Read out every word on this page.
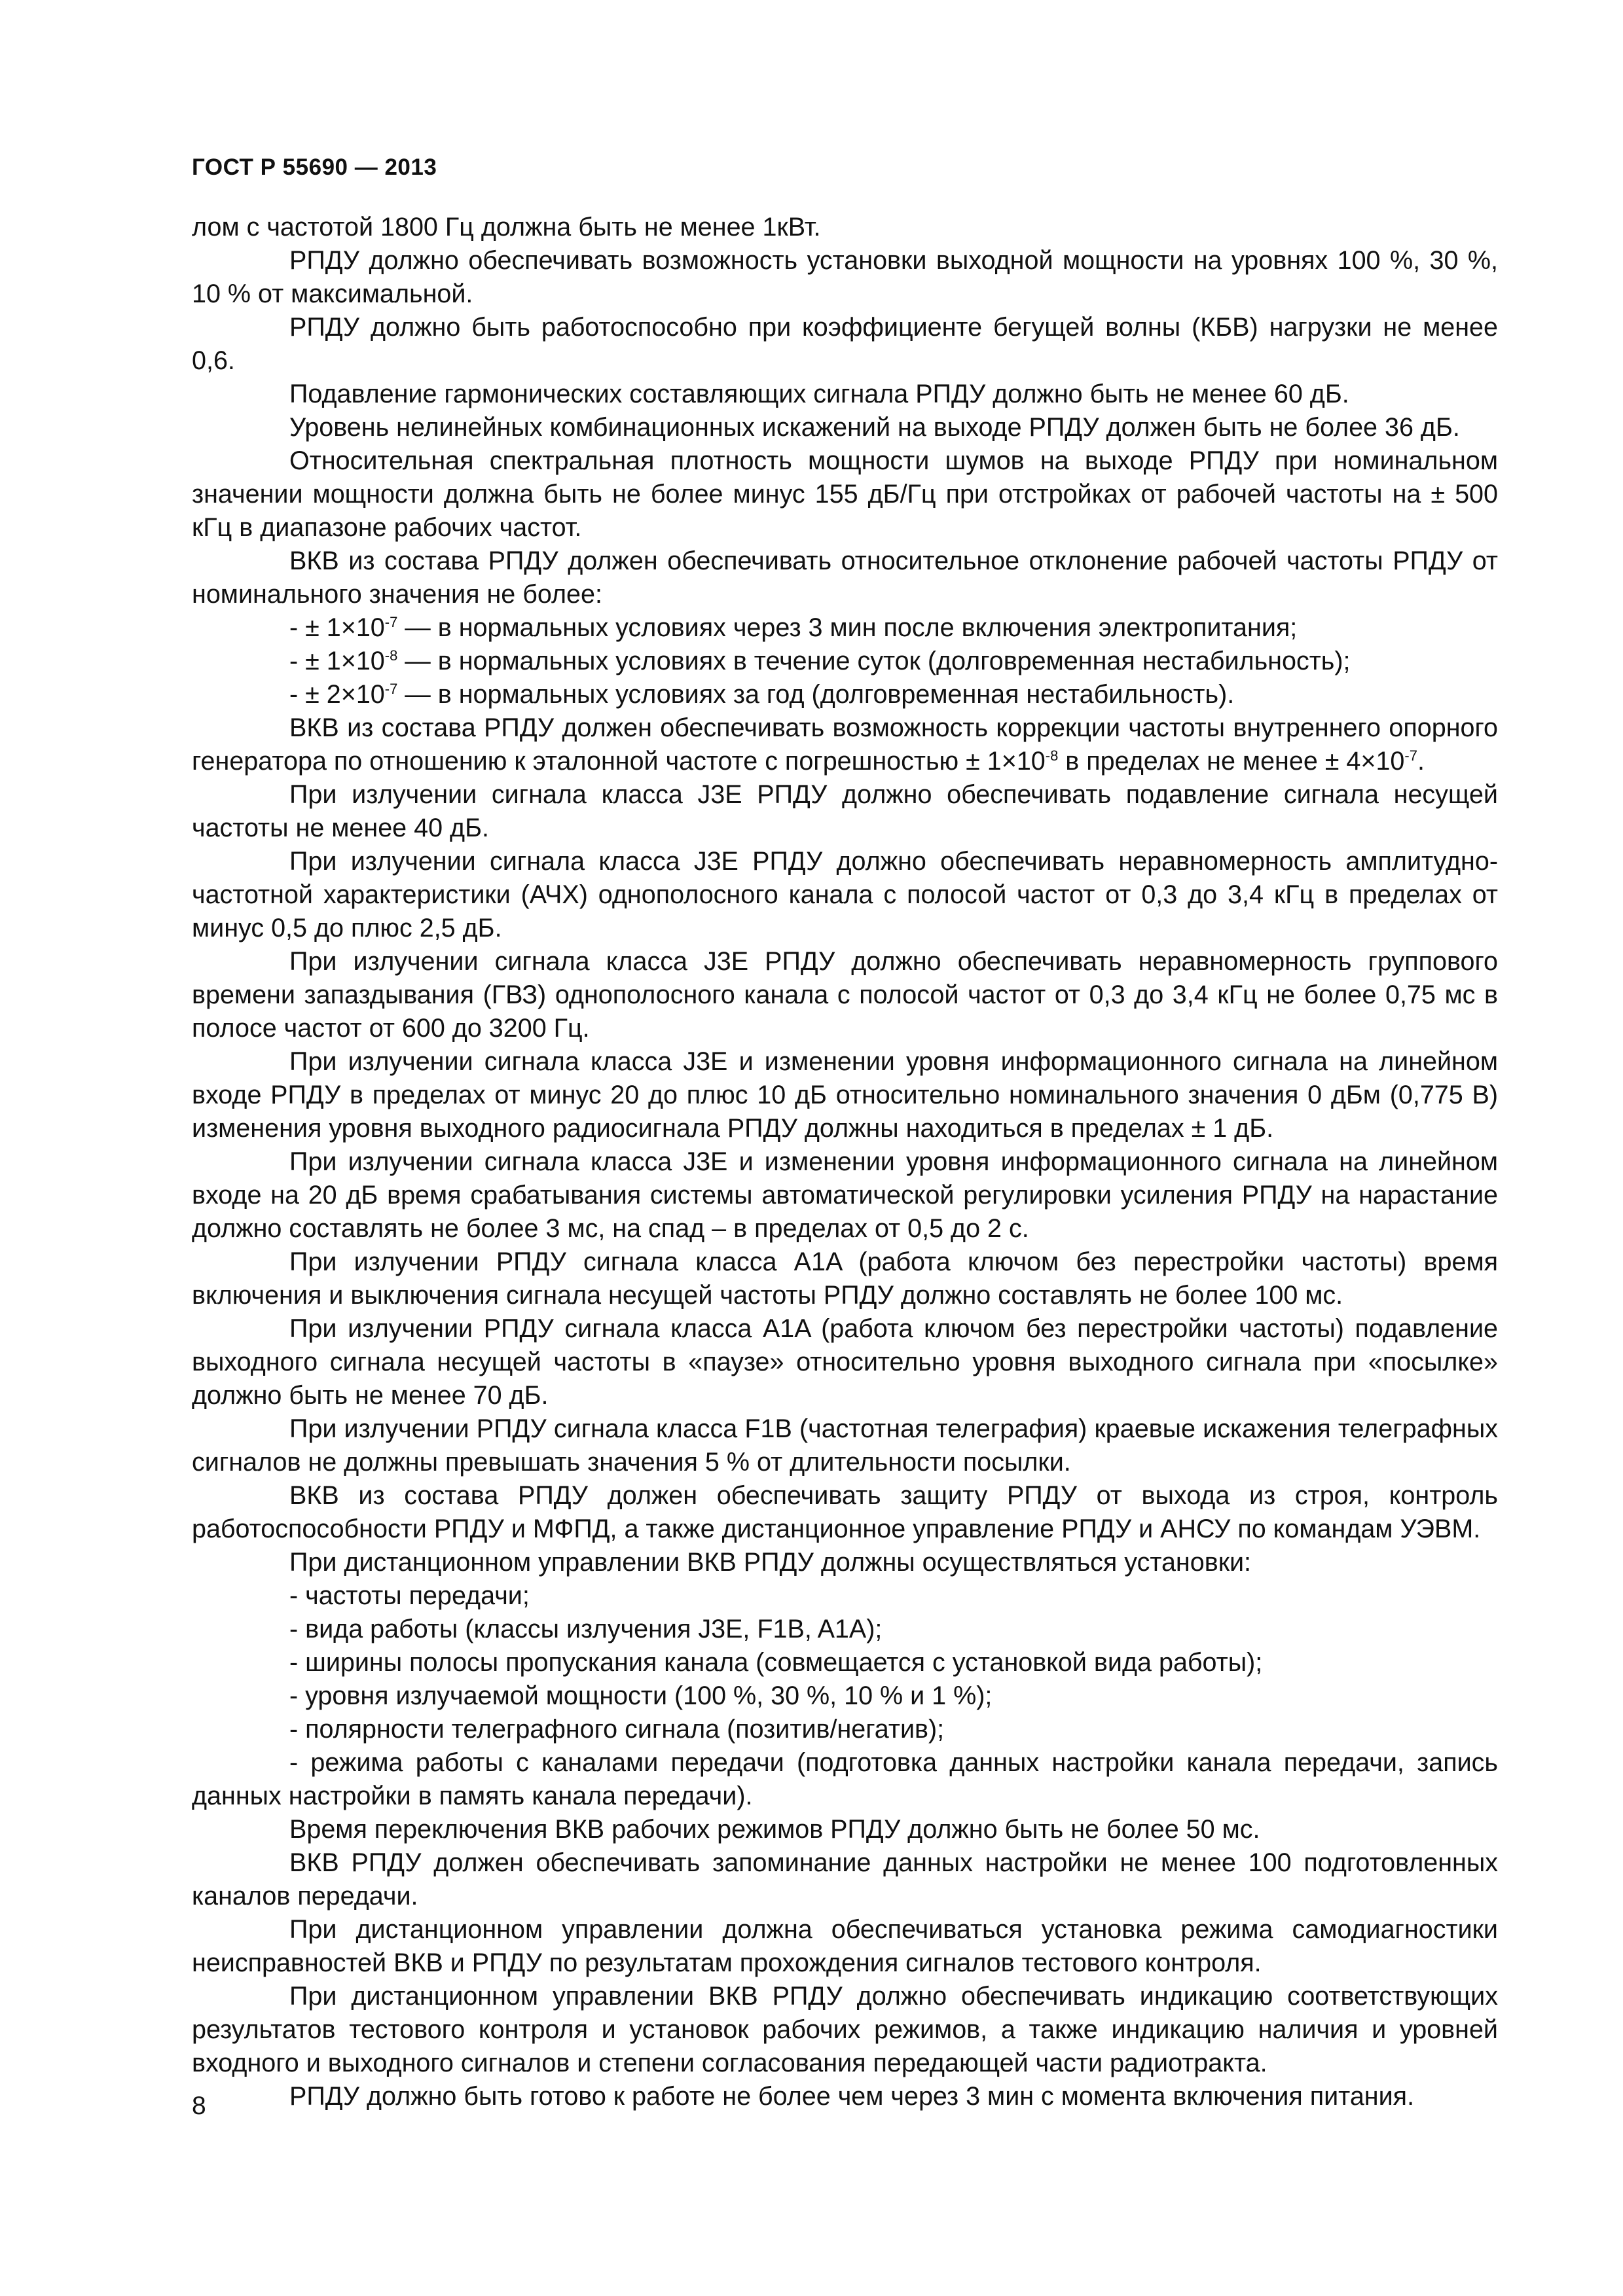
ГОСТ Р 55690 — 2013

лом с частотой 1800 Гц должна быть не менее 1кВт.

РПДУ должно обеспечивать возможность установки выходной мощности на уровнях 100 %, 30 %, 10 % от максимальной.

РПДУ должно быть работоспособно при коэффициенте бегущей волны (КБВ) нагрузки не менее 0,6.

Подавление гармонических составляющих сигнала РПДУ должно быть не менее 60 дБ.

Уровень нелинейных комбинационных искажений на выходе РПДУ должен быть не более 36 дБ.

Относительная спектральная плотность мощности шумов на выходе РПДУ при номинальном значении мощности должна быть не более минус 155 дБ/Гц при отстройках от рабочей частоты на ± 500 кГц в диапазоне рабочих частот.

ВКВ из состава РПДУ должен обеспечивать относительное отклонение рабочей частоты РПДУ от номинального значения не более:

- ± $1\times 10^{-7}$ — в нормальных условиях через 3 мин после включения электропитания;

- ± $1\times 10^{-8}$ — в нормальных условиях в течение суток (долговременная нестабильность);

- ± $2\times 10^{-7}$ — в нормальных условиях за год (долговременная нестабильность).

ВКВ из состава РПДУ должен обеспечивать возможность коррекции частоты внутреннего опорного генератора по отношению к эталонной частоте с погрешностью ± $1\times 10^{-8}$ в пределах не менее ± $4\times 10^{-7}$.

При излучении сигнала класса J3E РПДУ должно обеспечивать подавление сигнала несущей частоты не менее 40 дБ.

При излучении сигнала класса J3E РПДУ должно обеспечивать неравномерность амплитудно-частотной характеристики (АЧХ) однополосного канала с полосой частот от 0,3 до 3,4 кГц в пределах от минус 0,5 до плюс 2,5 дБ.

При излучении сигнала класса J3E РПДУ должно обеспечивать неравномерность группового времени запаздывания (ГВЗ) однополосного канала с полосой частот от 0,3 до 3,4 кГц не более 0,75 мс в полосе частот от 600 до 3200 Гц.

При излучении сигнала класса J3E и изменении уровня информационного сигнала на линейном входе РПДУ в пределах от минус 20 до плюс 10 дБ относительно номинального значения 0 дБм (0,775 В) изменения уровня выходного радиосигнала РПДУ должны находиться в пределах ± 1 дБ.

При излучении сигнала класса J3E и изменении уровня информационного сигнала на линейном входе на 20 дБ время срабатывания системы автоматической регулировки усиления РПДУ на нарастание должно составлять не более 3 мс, на спад – в пределах от 0,5 до 2 с.

При излучении РПДУ сигнала класса A1A (работа ключом без перестройки частоты) время включения и выключения сигнала несущей частоты РПДУ должно составлять не более 100 мс.

При излучении РПДУ сигнала класса A1A (работа ключом без перестройки частоты) подавление выходного сигнала несущей частоты в «паузе» относительно уровня выходного сигнала при «посылке» должно быть не менее 70 дБ.

При излучении РПДУ сигнала класса F1B (частотная телеграфия) краевые искажения телеграфных сигналов не должны превышать значения 5 % от длительности посылки.

ВКВ из состава РПДУ должен обеспечивать защиту РПДУ от выхода из строя, контроль работоспособности РПДУ и МФПД, а также дистанционное управление РПДУ и АНСУ по командам УЭВМ.

При дистанционном управлении ВКВ РПДУ должны осуществляться установки:

- частоты передачи;

- вида работы (классы излучения J3E, F1B, A1A);

- ширины полосы пропускания канала (совмещается с установкой вида работы);

- уровня излучаемой мощности (100 %, 30 %, 10 % и 1 %);

- полярности телеграфного сигнала (позитив/негатив);

- режима работы с каналами передачи (подготовка данных настройки канала передачи, запись данных настройки в память канала передачи).

Время переключения ВКВ рабочих режимов РПДУ должно быть не более 50 мс.

ВКВ РПДУ должен обеспечивать запоминание данных настройки не менее 100 подготовленных каналов передачи.

При дистанционном управлении должна обеспечиваться установка режима самодиагностики неисправностей ВКВ и РПДУ по результатам прохождения сигналов тестового контроля.

При дистанционном управлении ВКВ РПДУ должно обеспечивать индикацию соответствующих результатов тестового контроля и установок рабочих режимов, а также индикацию наличия и уровней входного и выходного сигналов и степени согласования передающей части радиотракта.

РПДУ должно быть готово к работе не более чем через 3 мин с момента включения питания.

8
